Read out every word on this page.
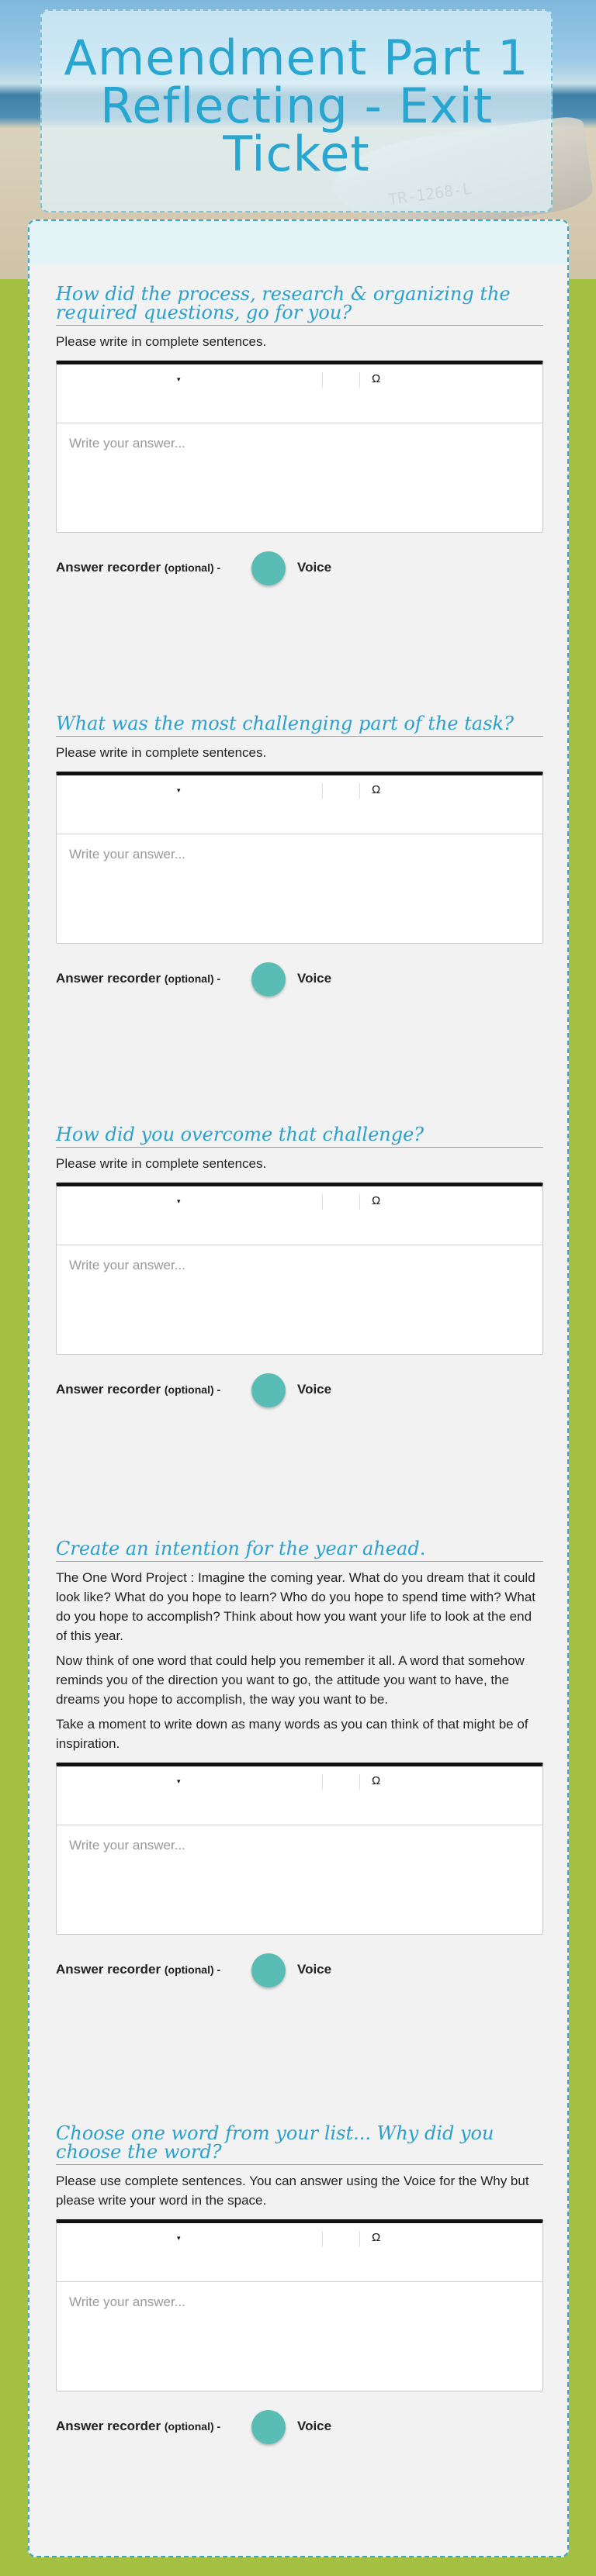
Amendment Part 1
Reflecting - Exit
Ticket
How did the process, research & organizing the required questions, go for you?

Please write in complete sentences.

▾	Ω
Write your answer...
Answer recorder (optional) -	Voice
What was the most challenging part of the task?

Please write in complete sentences.

▾	Ω
Write your answer...
Answer recorder (optional) -	Voice
How did you overcome that challenge?

Please write in complete sentences.

▾	Ω
Write your answer...
Answer recorder (optional) -	Voice
Create an intention for the year ahead.

The One Word Project : Imagine the coming year. What do you dream that it could look like? What do you hope to learn? Who do you hope to spend time with? What do you hope to accomplish? Think about how you want your life to look at the end of this year.

Now think of one word that could help you remember it all. A word that somehow reminds you of the direction you want to go, the attitude you want to have, the dreams you hope to accomplish, the way you want to be.

Take a moment to write down as many words as you can think of that might be of inspiration.

▾	Ω
Write your answer...
Answer recorder (optional) -	Voice
Choose one word from your list... Why did you choose the word?

Please use complete sentences. You can answer using the Voice for the Why but please write your word in the space.

▾	Ω
Write your answer...
Answer recorder (optional) -	Voice
